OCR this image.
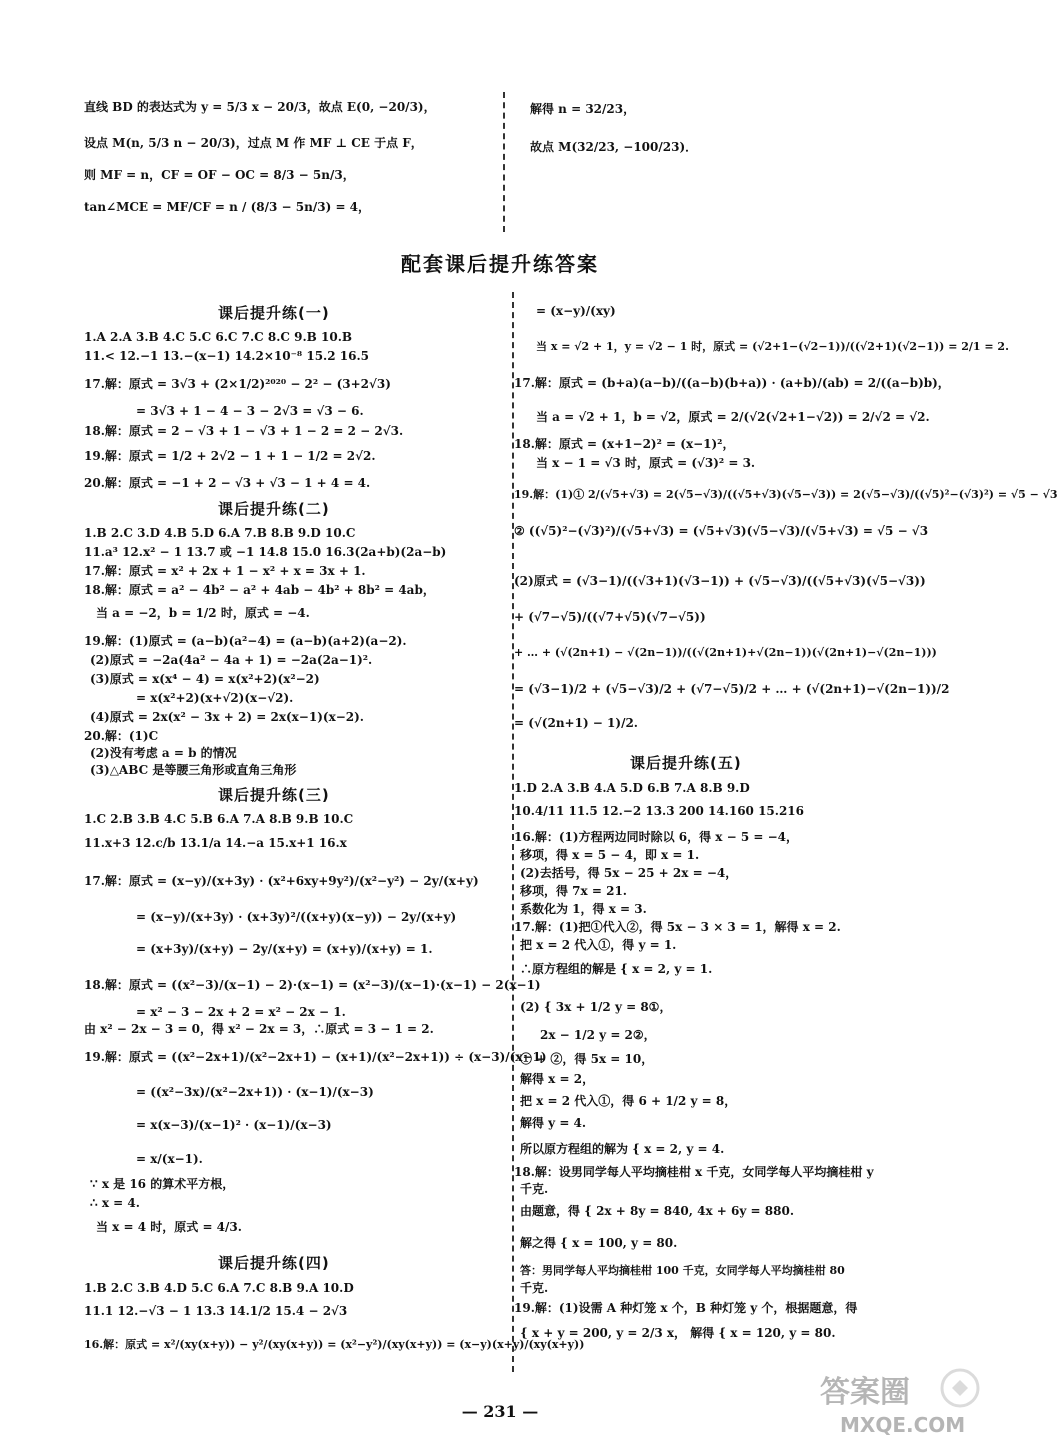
直线 BD 的表达式为 y = 5/3 x − 20/3，故点 E(0, −20/3)，
设点 M(n, 5/3 n − 20/3)，过点 M 作 MF ⊥ CE 于点 F，
则 MF = n，CF = OF − OC = 8/3 − 5n/3，
tan∠MCE = MF/CF = n / (8/3 − 5n/3) = 4，
解得 n = 32/23，
故点 M(32/23, −100/23)．
配套课后提升练答案
课后提升练(一)
课后提升练(二)
课后提升练(三)
课后提升练(四)
1.A 2.A 3.B 4.C 5.C 6.C 7.C 8.C 9.B 10.B
11.< 12.−1 13.−(x−1) 14.2×10⁻⁸ 15.2 16.5
17.解：原式 = 3√3 + (2×1/2)²⁰²⁰ − 2² − (3+2√3)
= 3√3 + 1 − 4 − 3 − 2√3 = √3 − 6.
18.解：原式 = 2 − √3 + 1 − √3 + 1 − 2 = 2 − 2√3.
19.解：原式 = 1/2 + 2√2 − 1 + 1 − 1/2 = 2√2.
20.解：原式 = −1 + 2 − √3 + √3 − 1 + 4 = 4.
1.B 2.C 3.D 4.B 5.D 6.A 7.B 8.B 9.D 10.C
11.a³ 12.x² − 1 13.7 或 −1 14.8 15.0 16.3(2a+b)(2a−b)
17.解：原式 = x² + 2x + 1 − x² + x = 3x + 1.
18.解：原式 = a² − 4b² − a² + 4ab − 4b² + 8b² = 4ab，
当 a = −2，b = 1/2 时，原式 = −4.
19.解：(1)原式 = (a−b)(a²−4) = (a−b)(a+2)(a−2).
(2)原式 = −2a(4a² − 4a + 1) = −2a(2a−1)².
(3)原式 = x(x⁴ − 4) = x(x²+2)(x²−2)
= x(x²+2)(x+√2)(x−√2).
(4)原式 = 2x(x² − 3x + 2) = 2x(x−1)(x−2).
20.解：(1)C
(2)没有考虑 a = b 的情况
(3)△ABC 是等腰三角形或直角三角形
1.C 2.B 3.B 4.C 5.B 6.A 7.A 8.B 9.B 10.C
11.x+3 12.c/b 13.1/a 14.−a 15.x+1 16.x
17.解：原式 = (x−y)/(x+3y) · (x²+6xy+9y²)/(x²−y²) − 2y/(x+y)
= (x−y)/(x+3y) · (x+3y)²/((x+y)(x−y)) − 2y/(x+y)
= (x+3y)/(x+y) − 2y/(x+y) = (x+y)/(x+y) = 1.
18.解：原式 = ((x²−3)/(x−1) − 2)·(x−1) = (x²−3)/(x−1)·(x−1) − 2(x−1)
= x² − 3 − 2x + 2 = x² − 2x − 1.
由 x² − 2x − 3 = 0，得 x² − 2x = 3，∴原式 = 3 − 1 = 2.
19.解：原式 = ((x²−2x+1)/(x²−2x+1) − (x+1)/(x²−2x+1)) ÷ (x−3)/(x−1)
= ((x²−3x)/(x²−2x+1)) · (x−1)/(x−3)
= x(x−3)/(x−1)² · (x−1)/(x−3)
= x/(x−1).
∵ x 是 16 的算术平方根，
∴ x = 4.
当 x = 4 时，原式 = 4/3.
1.B 2.C 3.B 4.D 5.C 6.A 7.C 8.B 9.A 10.D
11.1 12.−√3 − 1 13.3 14.1/2 15.4 − 2√3
16.解：原式 = x²/(xy(x+y)) − y²/(xy(x+y)) = (x²−y²)/(xy(x+y)) = (x−y)(x+y)/(xy(x+y))
= (x−y)/(xy)
当 x = √2 + 1，y = √2 − 1 时，原式 = (√2+1−(√2−1))/((√2+1)(√2−1)) = 2/1 = 2.
17.解：原式 = (b+a)(a−b)/((a−b)(b+a)) · (a+b)/(ab) = 2/((a−b)b)，
当 a = √2 + 1，b = √2，原式 = 2/(√2(√2+1−√2)) = 2/√2 = √2.
18.解：原式 = (x+1−2)² = (x−1)²，
当 x − 1 = √3 时，原式 = (√3)² = 3.
19.解：(1)① 2/(√5+√3) = 2(√5−√3)/((√5+√3)(√5−√3)) = 2(√5−√3)/((√5)²−(√3)²) = √5 − √3
② ((√5)²−(√3)²)/(√5+√3) = (√5+√3)(√5−√3)/(√5+√3) = √5 − √3
(2)原式 = (√3−1)/((√3+1)(√3−1)) + (√5−√3)/((√5+√3)(√5−√3))
+ (√7−√5)/((√7+√5)(√7−√5))
+ … + (√(2n+1) − √(2n−1))/((√(2n+1)+√(2n−1))(√(2n+1)−√(2n−1)))
= (√3−1)/2 + (√5−√3)/2 + (√7−√5)/2 + … + (√(2n+1)−√(2n−1))/2
= (√(2n+1) − 1)/2.
课后提升练(五)
1.D 2.A 3.B 4.A 5.D 6.B 7.A 8.B 9.D
10.4/11 11.5 12.−2 13.3 200 14.160 15.216
16.解：(1)方程两边同时除以 6，得 x − 5 = −4，
移项，得 x = 5 − 4，即 x = 1.
(2)去括号，得 5x − 25 + 2x = −4，
移项，得 7x = 21.
系数化为 1，得 x = 3.
17.解：(1)把①代入②，得 5x − 3 × 3 = 1，解得 x = 2.
把 x = 2 代入①，得 y = 1.
∴原方程组的解是 { x = 2, y = 1.
(2) { 3x + 1/2 y = 8①，
2x − 1/2 y = 2②，
① + ②，得 5x = 10，
解得 x = 2，
把 x = 2 代入①，得 6 + 1/2 y = 8，
解得 y = 4.
所以原方程组的解为 { x = 2, y = 4.
18.解：设男同学每人平均摘桂柑 x 千克，女同学每人平均摘桂柑 y
千克.
由题意，得 { 2x + 8y = 840, 4x + 6y = 880.
解之得 { x = 100, y = 80.
答：男同学每人平均摘桂柑 100 千克，女同学每人平均摘桂柑 80
千克.
19.解：(1)设需 A 种灯笼 x 个，B 种灯笼 y 个，根据题意，得
{ x + y = 200, y = 2/3 x， 解得 { x = 120, y = 80.
— 231 —
答案圈
MXQE.COM
